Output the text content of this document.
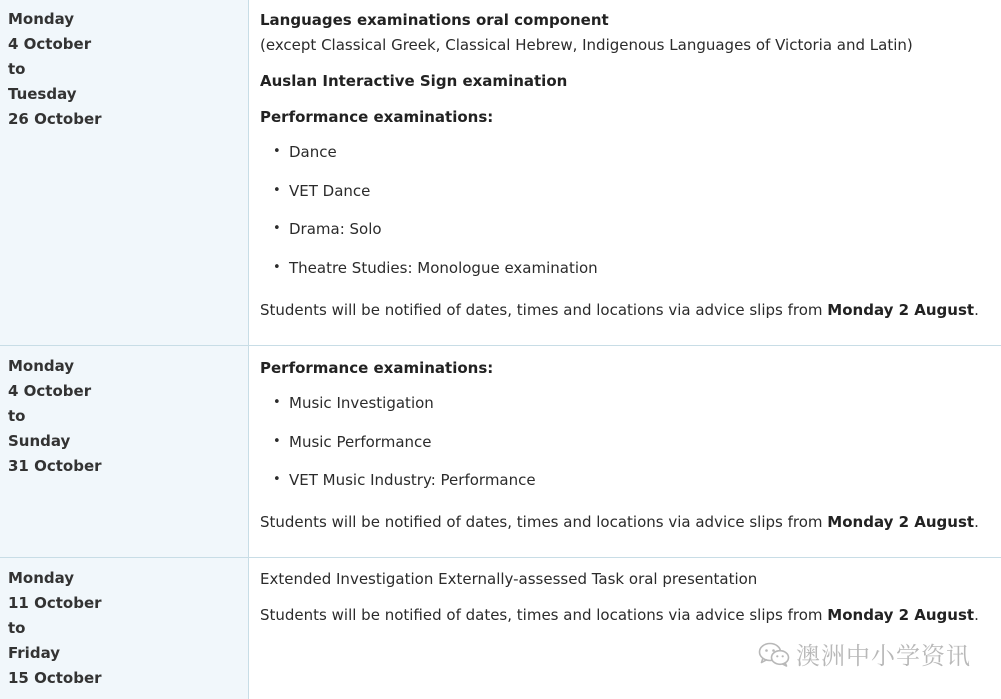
Monday
4 October
to
Tuesday
26 October
Languages examinations oral component
(except Classical Greek, Classical Hebrew, Indigenous Languages of Victoria and Latin)
Auslan Interactive Sign examination
Performance examinations:
• Dance
• VET Dance
• Drama: Solo
• Theatre Studies: Monologue examination
Students will be notified of dates, times and locations via advice slips from Monday 2 August.
Monday
4 October
to
Sunday
31 October
Performance examinations:
• Music Investigation
• Music Performance
• VET Music Industry: Performance
Students will be notified of dates, times and locations via advice slips from Monday 2 August.
Monday
11 October
to
Friday
15 October
Extended Investigation Externally-assessed Task oral presentation
Students will be notified of dates, times and locations via advice slips from Monday 2 August.
澳洲中小学资讯
